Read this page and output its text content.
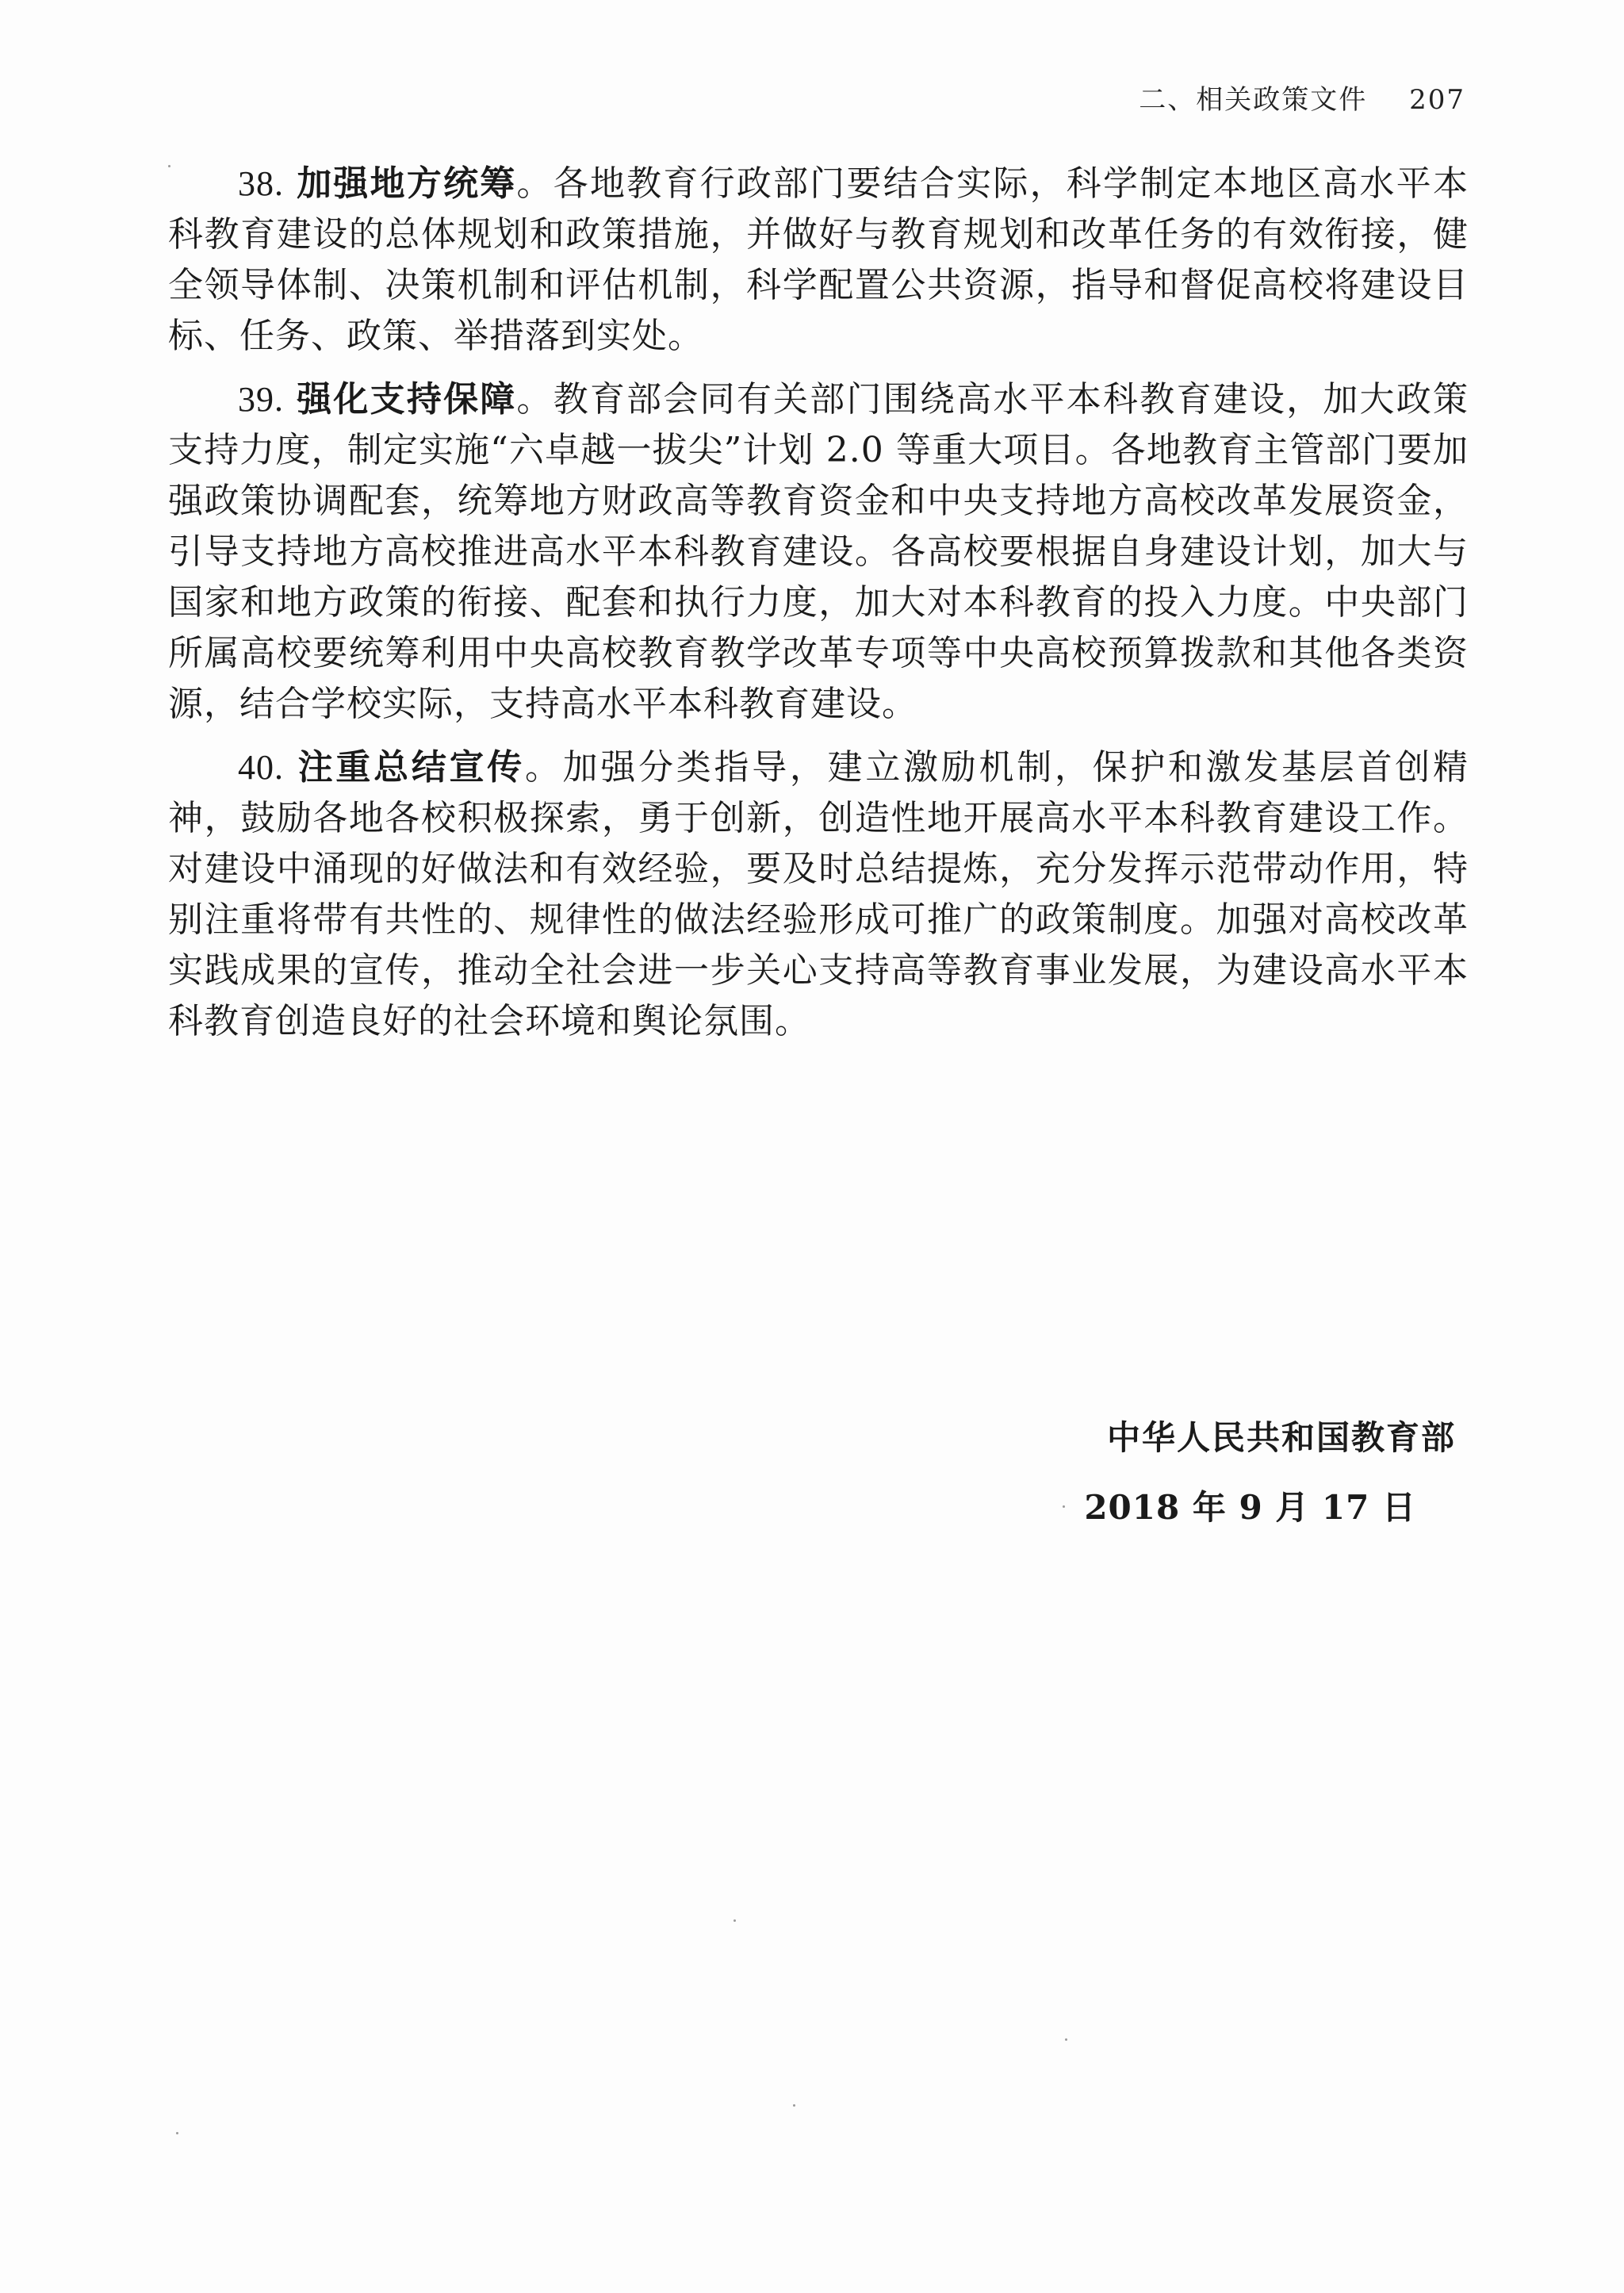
二、相关政策文件 207

38. 加强地方统筹。各地教育行政部门要结合实际，科学制定本地区高水平本科教育建设的总体规划和政策措施，并做好与教育规划和改革任务的有效衔接，健全领导体制、决策机制和评估机制，科学配置公共资源，指导和督促高校将建设目标、任务、政策、举措落到实处。

39. 强化支持保障。教育部会同有关部门围绕高水平本科教育建设，加大政策支持力度，制定实施“六卓越一拔尖”计划 2.0 等重大项目。各地教育主管部门要加强政策协调配套，统筹地方财政高等教育资金和中央支持地方高校改革发展资金，引导支持地方高校推进高水平本科教育建设。各高校要根据自身建设计划，加大与国家和地方政策的衔接、配套和执行力度，加大对本科教育的投入力度。中央部门所属高校要统筹利用中央高校教育教学改革专项等中央高校预算拨款和其他各类资源，结合学校实际，支持高水平本科教育建设。

40. 注重总结宣传。加强分类指导，建立激励机制，保护和激发基层首创精神，鼓励各地各校积极探索，勇于创新，创造性地开展高水平本科教育建设工作。对建设中涌现的好做法和有效经验，要及时总结提炼，充分发挥示范带动作用，特别注重将带有共性的、规律性的做法经验形成可推广的政策制度。加强对高校改革实践成果的宣传，推动全社会进一步关心支持高等教育事业发展，为建设高水平本科教育创造良好的社会环境和舆论氛围。

中华人民共和国教育部
2018 年 9 月 17 日
